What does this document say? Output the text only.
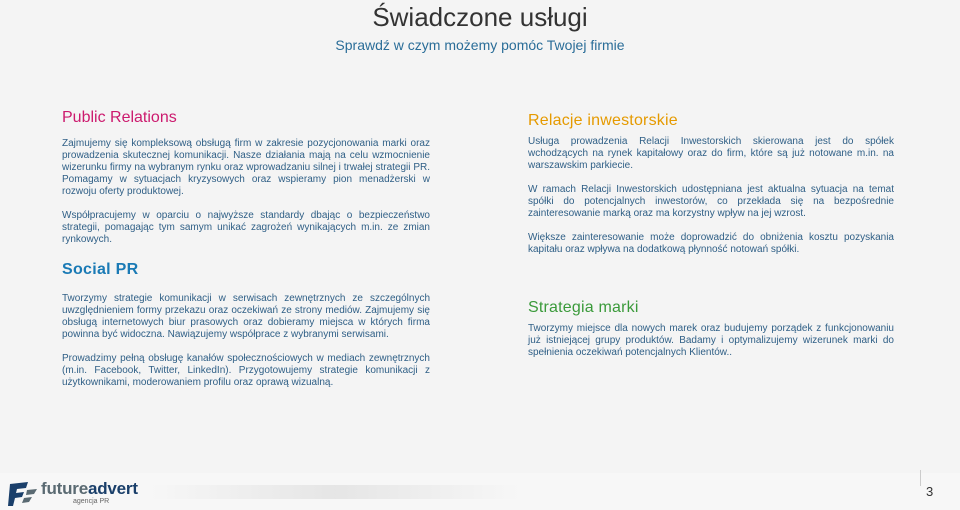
Świadczone usługi
Sprawdź w czym możemy pomóc Twojej firmie
Public Relations

Zajmujemy się kompleksową obsługą firm w zakresie pozycjonowania marki oraz prowadzenia skutecznej komunikacji. Nasze działania mają na celu wzmocnienie wizerunku firmy na wybranym rynku oraz wprowadzaniu silnej i trwałej strategii PR. Pomagamy w sytuacjach kryzysowych oraz wspieramy pion menadżerski w rozwoju oferty produktowej.

Współpracujemy w oparciu o najwyższe standardy dbając o bezpieczeństwo strategii, pomagając tym samym unikać zagrożeń wynikających m.in. ze zmian rynkowych.

Social PR

Tworzymy strategie komunikacji w serwisach zewnętrznych ze szczególnych uwzględnieniem formy przekazu oraz oczekiwań ze strony mediów. Zajmujemy się obsługą internetowych biur prasowych oraz dobieramy miejsca w których firma powinna być widoczna. Nawiązujemy współprace z wybranymi serwisami.

Prowadzimy pełną obsługę kanałów społecznościowych w mediach zewnętrznych (m.in. Facebook, Twitter, LinkedIn). Przygotowujemy strategie komunikacji z użytkownikami, moderowaniem profilu oraz oprawą wizualną.

Relacje inwestorskie

Usługa prowadzenia Relacji Inwestorskich skierowana jest do spółek wchodzących na rynek kapitałowy oraz do firm, które są już notowane m.in. na warszawskim parkiecie.

W ramach Relacji Inwestorskich udostępniana jest aktualna sytuacja na temat spółki do potencjalnych inwestorów, co przekłada się na bezpośrednie zainteresowanie marką oraz ma korzystny wpływ na jej wzrost.

Większe zainteresowanie może doprowadzić do obniżenia kosztu pozyskania kapitału oraz wpływa na dodatkową płynność notowań spółki.

Strategia marki

Tworzymy miejsce dla nowych marek oraz budujemy porządek z funkcjonowaniu już istniejącej grupy produktów. Badamy i optymalizujemy wizerunek marki do spełnienia oczekiwań potencjalnych Klientów..

futureadvert
agencja PR
3
